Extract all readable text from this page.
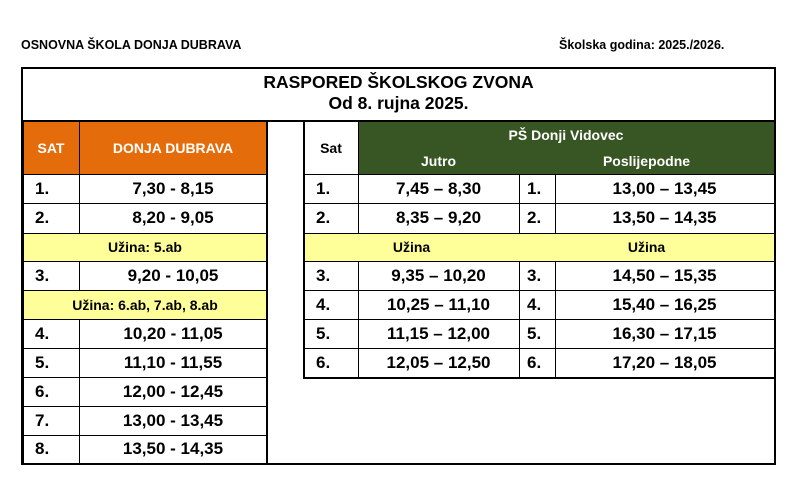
OSNOVNA ŠKOLA DONJA DUBRAVA	Školska godina: 2025./2026.
RASPORED ŠKOLSKOG ZVONA
Od 8. rujna 2025.
SAT	DONJA DUBRAVA
1.	7,30 - 8,15
2.	8,20 - 9,05
Užina: 5.ab
3.	9,20 - 10,05
Užina: 6.ab, 7.ab, 8.ab
4.	10,20 - 11,05
5.	11,10 - 11,55
6.	12,00 - 12,45
7.	13,00 - 13,45
8.	13,50 - 14,35
Sat
PŠ Donji Vidovec
Jutro	Poslijepodne
1.	7,45 – 8,30	1.	13,00 – 13,45
2.	8,35 – 9,20	2.	13,50 – 14,35
Užina	Užina
3.	9,35 – 10,20	3.	14,50 – 15,35
4.	10,25 – 11,10	4.	15,40 – 16,25
5.	11,15 – 12,00	5.	16,30 – 17,15
6.	12,05 – 12,50	6.	17,20 – 18,05
